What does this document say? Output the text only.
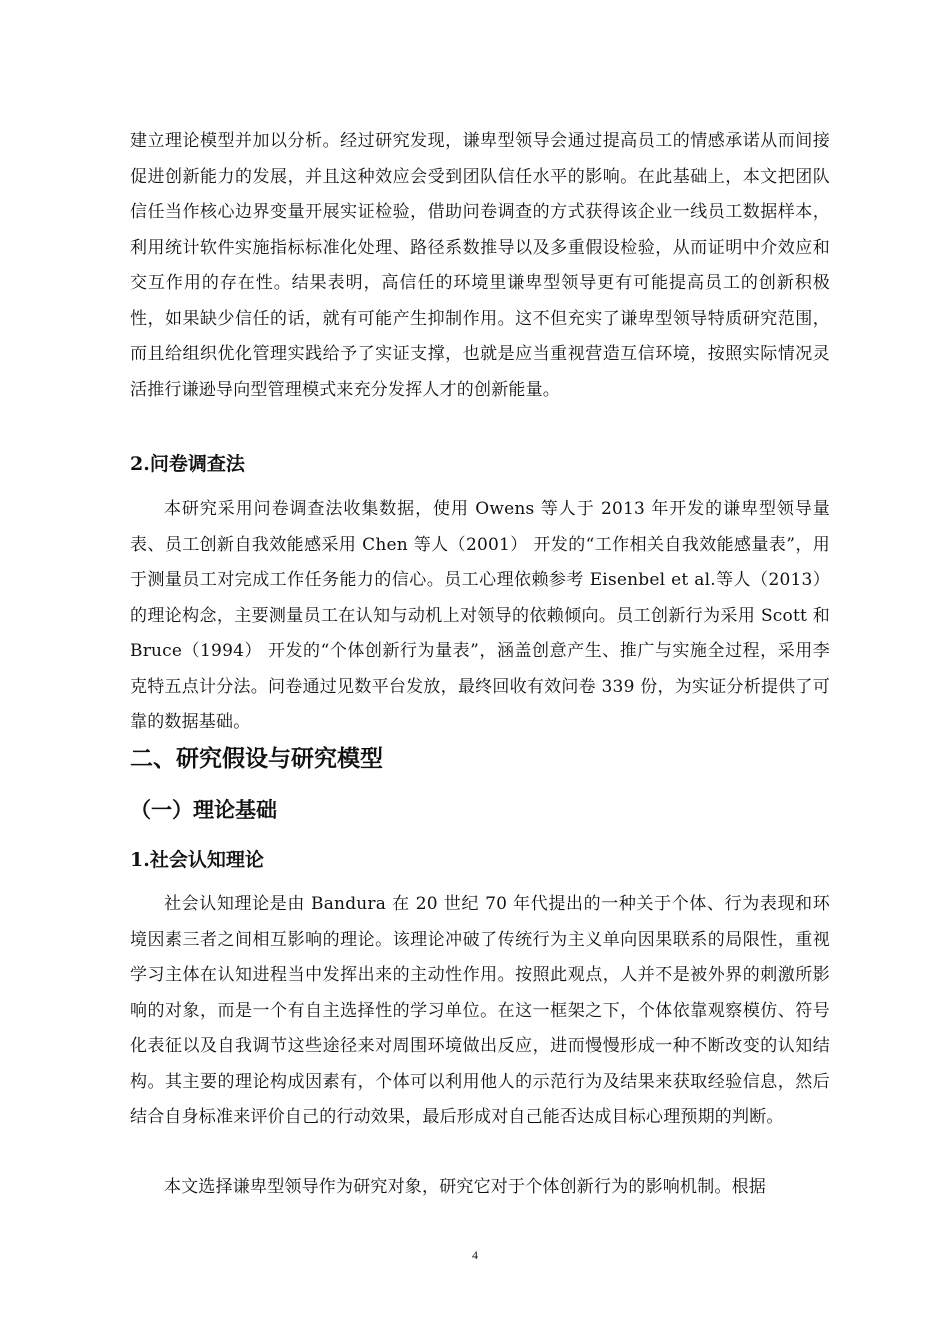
建立理论模型并加以分析。经过研究发现，谦卑型领导会通过提高员工的情感承诺从而间接促进创新能力的发展，并且这种效应会受到团队信任水平的影响。在此基础上，本文把团队信任当作核心边界变量开展实证检验，借助问卷调查的方式获得该企业一线员工数据样本，利用统计软件实施指标标准化处理、路径系数推导以及多重假设检验，从而证明中介效应和交互作用的存在性。结果表明，高信任的环境里谦卑型领导更有可能提高员工的创新积极性，如果缺少信任的话，就有可能产生抑制作用。这不但充实了谦卑型领导特质研究范围，而且给组织优化管理实践给予了实证支撑，也就是应当重视营造互信环境，按照实际情况灵活推行谦逊导向型管理模式来充分发挥人才的创新能量。

2.问卷调查法

本研究采用问卷调查法收集数据，使用 Owens 等人于 2013 年开发的谦卑型领导量表、员工创新自我效能感采用 Chen 等人（2001） 开发的“工作相关自我效能感量表”，用于测量员工对完成工作任务能力的信心。员工心理依赖参考 Eisenbel et al.等人（2013） 的理论构念，主要测量员工在认知与动机上对领导的依赖倾向。员工创新行为采用 Scott 和 Bruce（1994） 开发的“个体创新行为量表”，涵盖创意产生、推广与实施全过程，采用李克特五点计分法。问卷通过见数平台发放，最终回收有效问卷 339 份，为实证分析提供了可靠的数据基础。

二、研究假设与研究模型
（一）理论基础
1.社会认知理论

社会认知理论是由 Bandura 在 20 世纪 70 年代提出的一种关于个体、行为表现和环境因素三者之间相互影响的理论。该理论冲破了传统行为主义单向因果联系的局限性，重视学习主体在认知进程当中发挥出来的主动性作用。按照此观点，人并不是被外界的刺激所影响的对象，而是一个有自主选择性的学习单位。在这一框架之下，个体依靠观察模仿、符号化表征以及自我调节这些途径来对周围环境做出反应，进而慢慢形成一种不断改变的认知结构。其主要的理论构成因素有，个体可以利用他人的示范行为及结果来获取经验信息，然后结合自身标准来评价自己的行动效果，最后形成对自己能否达成目标心理预期的判断。

本文选择谦卑型领导作为研究对象，研究它对于个体创新行为的影响机制。根据

4
